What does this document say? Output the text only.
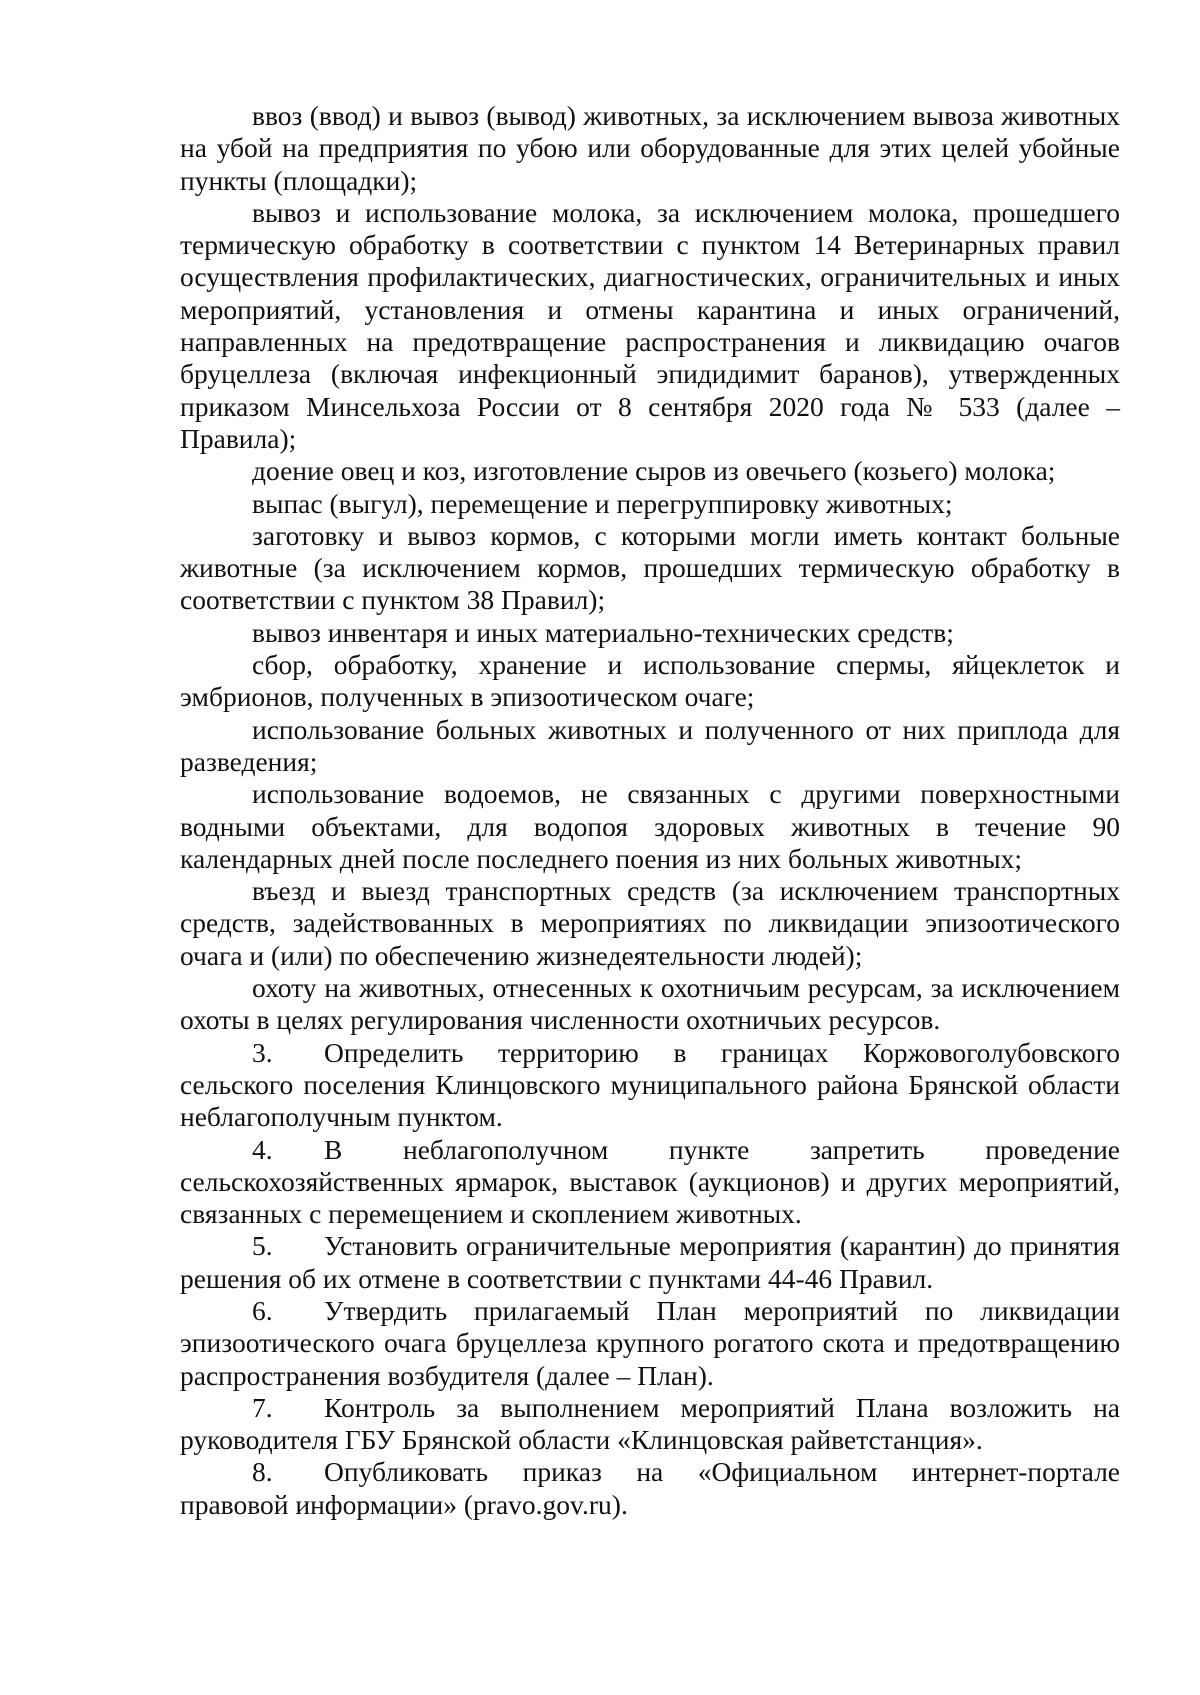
ввоз (ввод) и вывоз (вывод) животных, за исключением вывоза животных на убой на предприятия по убою или оборудованные для этих целей убойные пункты (площадки);

вывоз и использование молока, за исключением молока, прошедшего термическую обработку в соответствии с пунктом 14 Ветеринарных правил осуществления профилактических, диагностических, ограничительных и иных мероприятий, установления и отмены карантина и иных ограничений, направленных на предотвращение распространения и ликвидацию очагов бруцеллеза (включая инфекционный эпидидимит баранов), утвержденных приказом Минсельхоза России от 8 сентября 2020 года № 533 (далее – Правила);

доение овец и коз, изготовление сыров из овечьего (козьего) молока;

выпас (выгул), перемещение и перегруппировку животных;

заготовку и вывоз кормов, с которыми могли иметь контакт больные животные (за исключением кормов, прошедших термическую обработку в соответствии с пунктом 38 Правил);

вывоз инвентаря и иных материально-технических средств;

сбор, обработку, хранение и использование спермы, яйцеклеток и эмбрионов, полученных в эпизоотическом очаге;

использование больных животных и полученного от них приплода для разведения;

использование водоемов, не связанных с другими поверхностными водными объектами, для водопоя здоровых животных в течение 90 календарных дней после последнего поения из них больных животных;

въезд и выезд транспортных средств (за исключением транспортных средств, задействованных в мероприятиях по ликвидации эпизоотического очага и (или) по обеспечению жизнедеятельности людей);

охоту на животных, отнесенных к охотничьим ресурсам, за исключением охоты в целях регулирования численности охотничьих ресурсов.

3. Определить территорию в границах Коржовоголубовского сельского поселения Клинцовского муниципального района Брянской области неблагополучным пунктом.

4. В неблагополучном пункте запретить проведение сельскохозяйственных ярмарок, выставок (аукционов) и других мероприятий, связанных с перемещением и скоплением животных.

5. Установить ограничительные мероприятия (карантин) до принятия решения об их отмене в соответствии с пунктами 44-46 Правил.

6. Утвердить прилагаемый План мероприятий по ликвидации эпизоотического очага бруцеллеза крупного рогатого скота и предотвращению распространения возбудителя (далее – План).

7. Контроль за выполнением мероприятий Плана возложить на руководителя ГБУ Брянской области «Клинцовская райветстанция».

8. Опубликовать приказ на «Официальном интернет-портале правовой информации» (pravo.gov.ru).
